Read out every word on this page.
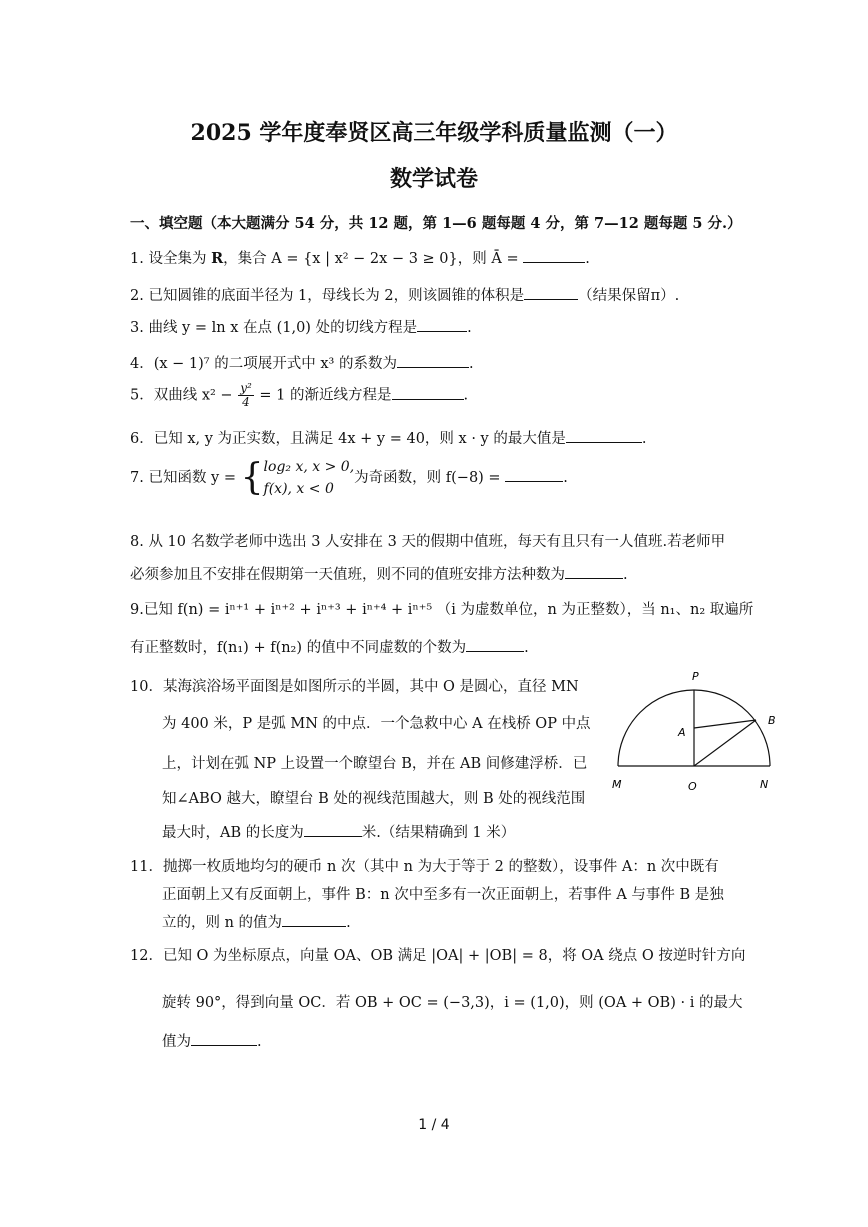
2025 学年度奉贤区高三年级学科质量监测（一）
数学试卷
一、填空题（本大题满分 54 分，共 12 题，第 1—6 题每题 4 分，第 7—12 题每题 5 分.）
1. 设全集为 R，集合 A = {x | x² − 2x − 3 ≥ 0}，则 Ā =	.
2. 已知圆锥的底面半径为 1，母线长为 2，则该圆锥的体积是	（结果保留π）.
3. 曲线 y = ln x 在点 (1,0) 处的切线方程是	.
4．(x − 1)⁷ 的二项展开式中 x³ 的系数为	.
5．双曲线 $x^2 - \frac{\text{y²}}{4} = 1$ 的渐近线方程是	.
6．已知 x, y 为正实数，且满足 4x + y = 40，则 x · y 的最大值是	.
7. 已知函数 y = { log₂ x, x > 0,
f(x), x < 0
为奇函数，则 f(−8) =	.
8. 从 10 名数学老师中选出 3 人安排在 3 天的假期中值班，每天有且只有一人值班.若老师甲
必须参加且不安排在假期第一天值班，则不同的值班安排方法种数为	.
9.已知 f(n) = iⁿ⁺¹ + iⁿ⁺² + iⁿ⁺³ + iⁿ⁺⁴ + iⁿ⁺⁵ （i 为虚数单位，n 为正整数），当 n₁、n₂ 取遍所
有正整数时，f(n₁) + f(n₂) 的值中不同虚数的个数为	.
10．某海滨浴场平面图是如图所示的半圆，其中 O 是圆心，直径 MN
为 400 米，P 是弧 MN 的中点．一个急救中心 A 在栈桥 OP 中点
上，计划在弧 NP 上设置一个瞭望台 B，并在 AB 间修建浮桥．已
知∠ABO 越大，瞭望台 B 处的视线范围越大，则 B 处的视线范围
最大时，AB 的长度为	米.（结果精确到 1 米）
P
A
B
M	O	N
11．抛掷一枚质地均匀的硬币 n 次（其中 n 为大于等于 2 的整数），设事件 A：n 次中既有
正面朝上又有反面朝上，事件 B：n 次中至多有一次正面朝上，若事件 A 与事件 B 是独
立的，则 n 的值为	.
12．已知 O 为坐标原点，向量 OA、OB 满足 |OA| + |OB| = 8，将 OA 绕点 O 按逆时针方向
旋转 90°，得到向量 OC．若 OB + OC = (−3,3)，i = (1,0)，则 (OA + OB) · i 的最大
值为	.
1 / 4
